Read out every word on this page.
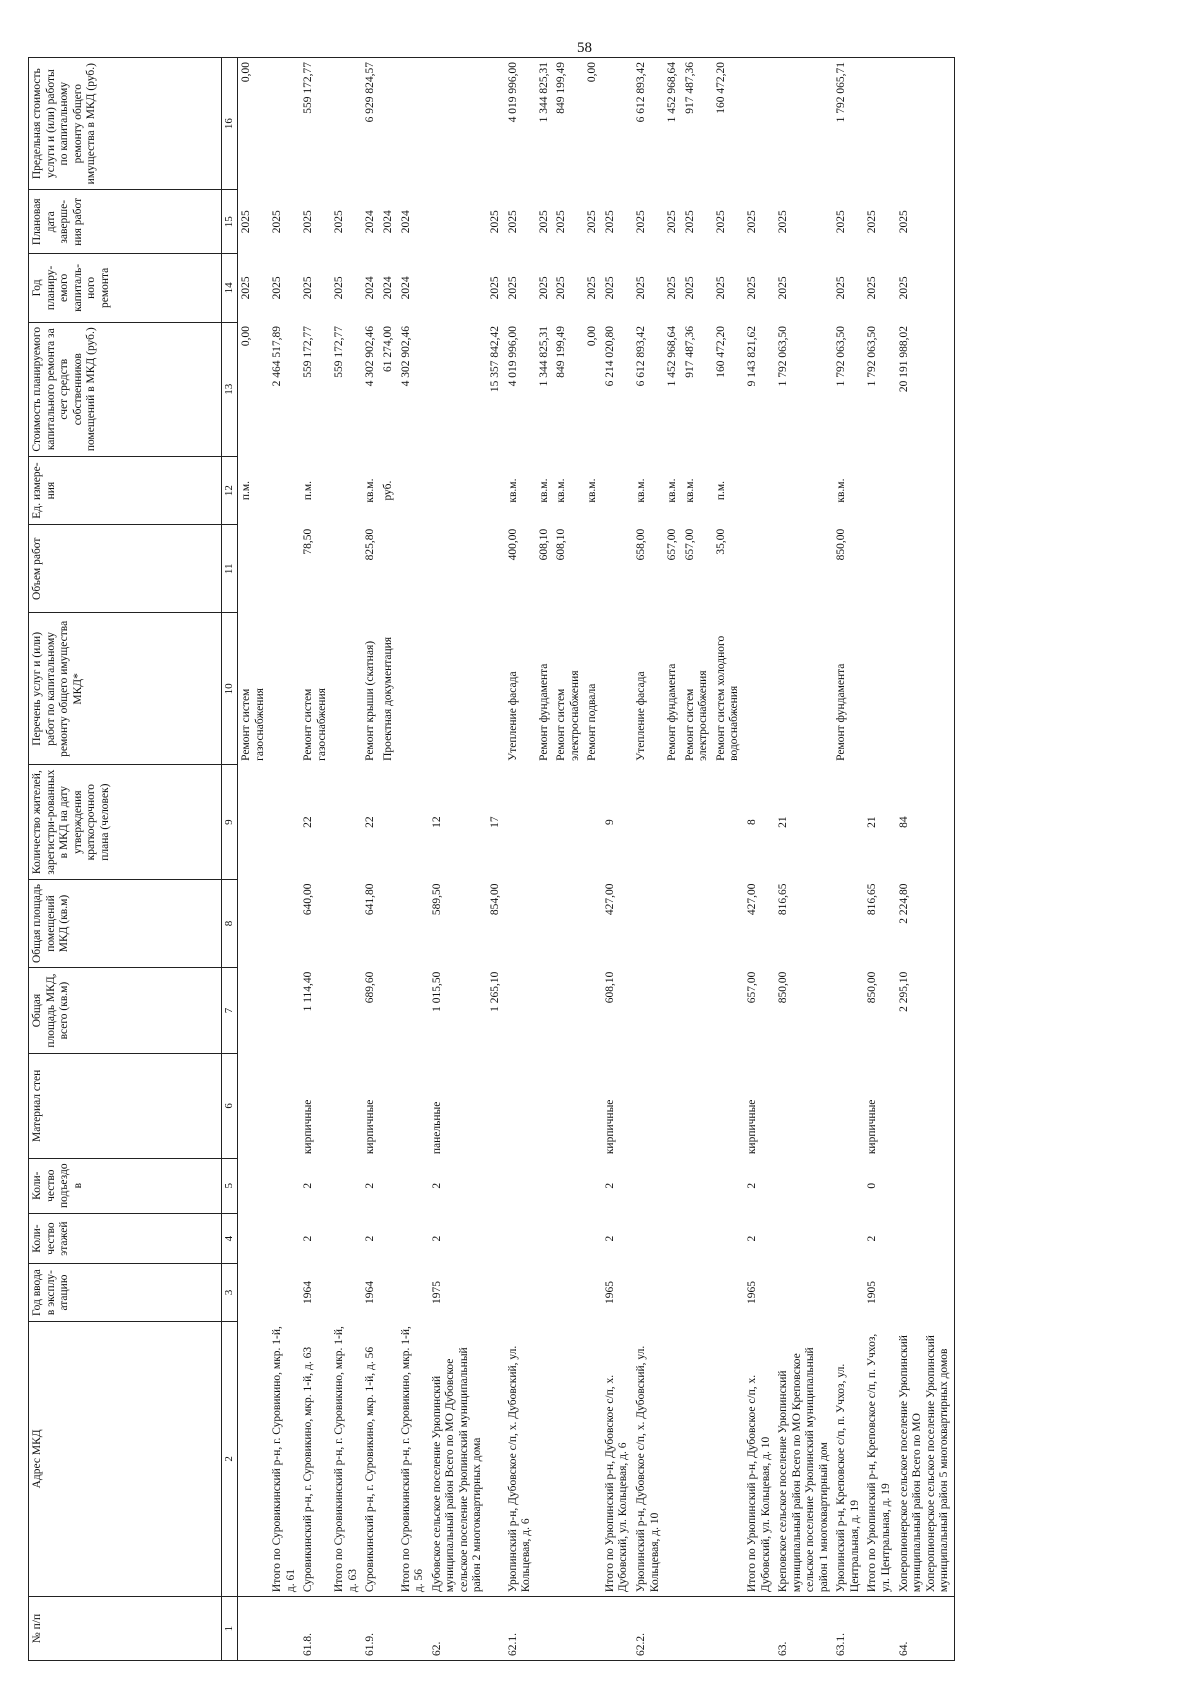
58
№ п/п	Адрес МКД	Год ввода в эксплу-атацию	Коли-чество этажей	Коли-чество подъездо в	Материал стен	Общая площадь МКД, всего (кв.м)	Общая площадь помещений МКД (кв.м)	Количество жителей, зарегистри-рованных в МКД на дату утверждения краткосрочного плана (человек)	Перечень услуг и (или) работ по капитальному ремонту общего имущества МКД*	Объем работ	Ед. измере-ния	Стоимость планируемого капитального ремонта за счет средств собственников помещений в МКД (руб.)	Год планиру-емого капиталь-ного ремонта	Плановая дата заверше-ния работ	Предельная стоимость услуги и (или) работы по капитальному ремонту общего имущества в МКД (руб.)
1	2	3	4	5	6	7	8	9	10	11	12	13	14	15	16
									Ремонт систем газоснабжения		п.м.	0,00	2025	2025	0,00
	Итого по Суровикинский р-н, г. Суровикино, мкр. 1-й, д. 61											2 464 517,89	2025	2025	
61.8.	Суровикинский р-н, г. Суровикино, мкр. 1-й, д. 63	1964	2	2	кирпичные	1 114,40	640,00	22	Ремонт систем газоснабжения	78,50	п.м.	559 172,77	2025	2025	559 172,77
	Итого по Суровикинский р-н, г. Суровикино, мкр. 1-й, д. 63											559 172,77	2025	2025	
61.9.	Суровикинский р-н, г. Суровикино, мкр. 1-й, д. 56	1964	2	2	кирпичные	689,60	641,80	22	Ремонт крыши (скатная)	825,80	кв.м.	4 302 902,46	2024	2024	6 929 824,57
									Проектная документация		руб.	61 274,00	2024	2024	
	Итого по Суровикинский р-н, г. Суровикино, мкр. 1-й, д. 56											4 302 902,46	2024	2024	
62.	Дубовское сельское поселение Урюпинский муниципальный район Всего по МО Дубовское сельское поселение Урюпинский муниципальный район 2 многоквартирных дома	1975	2	2	панельные	1 015,50	589,50	12							
						1 265,10	854,00	17				15 357 842,42	2025	2025	
62.1.	Урюпинский р-н, Дубовское с/п, х. Дубовский, ул. Кольцевая, д. 6								Утепление фасада	400,00	кв.м.	4 019 996,00	2025	2025	4 019 996,00
									Ремонт фундамента	608,10	кв.м.	1 344 825,31	2025	2025	1 344 825,31
									Ремонт систем электроснабжения	608,10	кв.м.	849 199,49	2025	2025	849 199,49
									Ремонт подвала		кв.м.	0,00	2025	2025	0,00
	Итого по Урюпинский р-н, Дубовское с/п, х. Дубовский, ул. Кольцевая, д. 6	1965	2	2	кирпичные	608,10	427,00	9				6 214 020,80	2025	2025	
62.2.	Урюпинский р-н, Дубовское с/п, х. Дубовский, ул. Кольцевая, д. 10								Утепление фасада	658,00	кв.м.	6 612 893,42	2025	2025	6 612 893,42
									Ремонт фундамента	657,00	кв.м.	1 452 968,64	2025	2025	1 452 968,64
									Ремонт систем электроснабжения	657,00	кв.м.	917 487,36	2025	2025	917 487,36
									Ремонт систем холодного водоснабжения	35,00	п.м.	160 472,20	2025	2025	160 472,20
	Итого по Урюпинский р-н, Дубовское с/п, х. Дубовский, ул. Кольцевая, д. 10	1965	2	2	кирпичные	657,00	427,00	8				9 143 821,62	2025	2025	
63.	Креповское сельское поселение Урюпинский муниципальный район Всего по МО Креповское сельское поселение Урюпинский муниципальный район 1 многоквартирный дом					850,00	816,65	21				1 792 063,50	2025	2025	
63.1.	Урюпинский р-н, Креповское с/п, п. Учхоз, ул. Центральная, д. 19								Ремонт фундамента	850,00	кв.м.	1 792 063,50	2025	2025	1 792 065,71
	Итого по Урюпинский р-н, Креповское с/п, п. Учхоз, ул. Центральная, д. 19	1905	2	0	кирпичные	850,00	816,65	21				1 792 063,50	2025	2025	
64.	Хоперопионерское сельское поселение Урюпинский муниципальный район Всего по МО Хоперопионерское сельское поселение Урюпинский муниципальный район 5 многоквартирных домов					2 295,10	2 224,80	84				20 191 988,02	2025	2025	
